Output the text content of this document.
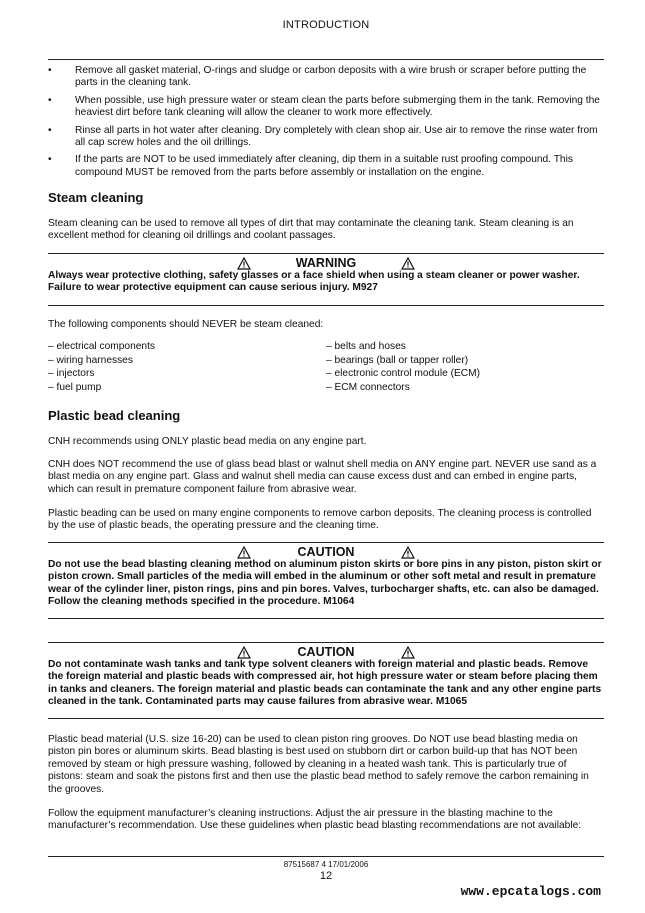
INTRODUCTION
• Remove all gasket material, O-rings and sludge or carbon deposits with a wire brush or scraper before putting the parts in the cleaning tank.
• When possible, use high pressure water or steam clean the parts before submerging them in the tank. Removing the heaviest dirt before tank cleaning will allow the cleaner to work more effectively.
• Rinse all parts in hot water after cleaning. Dry completely with clean shop air. Use air to remove the rinse water from all cap screw holes and the oil drillings.
• If the parts are NOT to be used immediately after cleaning, dip them in a suitable rust proofing compound. This compound MUST be removed from the parts before assembly or installation on the engine.
Steam cleaning

Steam cleaning can be used to remove all types of dirt that may contaminate the cleaning tank. Steam cleaning is an excellent method for cleaning oil drillings and coolant passages.

WARNING

Always wear protective clothing, safety glasses or a face shield when using a steam cleaner or power washer. Failure to wear protective equipment can cause serious injury. M927

The following components should NEVER be steam cleaned:

– electrical components
– wiring harnesses
– injectors
– fuel pump
– belts and hoses
– bearings (ball or tapper roller)
– electronic control module (ECM)
– ECM connectors
Plastic bead cleaning

CNH recommends using ONLY plastic bead media on any engine part.

CNH does NOT recommend the use of glass bead blast or walnut shell media on ANY engine part. NEVER use sand as a blast media on any engine part. Glass and walnut shell media can cause excess dust and can embed in engine parts, which can result in premature component failure from abrasive wear.

Plastic beading can be used on many engine components to remove carbon deposits. The cleaning process is controlled by the use of plastic beads, the operating pressure and the cleaning time.

CAUTION

Do not use the bead blasting cleaning method on aluminum piston skirts or bore pins in any piston, piston skirt or piston crown. Small particles of the media will embed in the aluminum or other soft metal and result in premature wear of the cylinder liner, piston rings, pins and pin bores. Valves, turbocharger shafts, etc. can also be damaged. Follow the cleaning methods specified in the procedure. M1064

CAUTION

Do not contaminate wash tanks and tank type solvent cleaners with foreign material and plastic beads. Remove the foreign material and plastic beads with compressed air, hot high pressure water or steam before placing them in tanks and cleaners. The foreign material and plastic beads can contaminate the tank and any other engine parts cleaned in the tank. Contaminated parts may cause failures from abrasive wear. M1065

Plastic bead material (U.S. size 16-20) can be used to clean piston ring grooves. Do NOT use bead blasting media on piston pin bores or aluminum skirts. Bead blasting is best used on stubborn dirt or carbon build-up that has NOT been removed by steam or high pressure washing, followed by cleaning in a heated wash tank. This is particularly true of pistons: steam and soak the pistons first and then use the plastic bead method to safely remove the carbon remaining in the grooves.

Follow the equipment manufacturer’s cleaning instructions. Adjust the air pressure in the blasting machine to the manufacturer’s recommendation. Use these guidelines when plastic bead blasting recommendations are not available:

87515687 4 17/01/2006
12
www.epcatalogs.com
